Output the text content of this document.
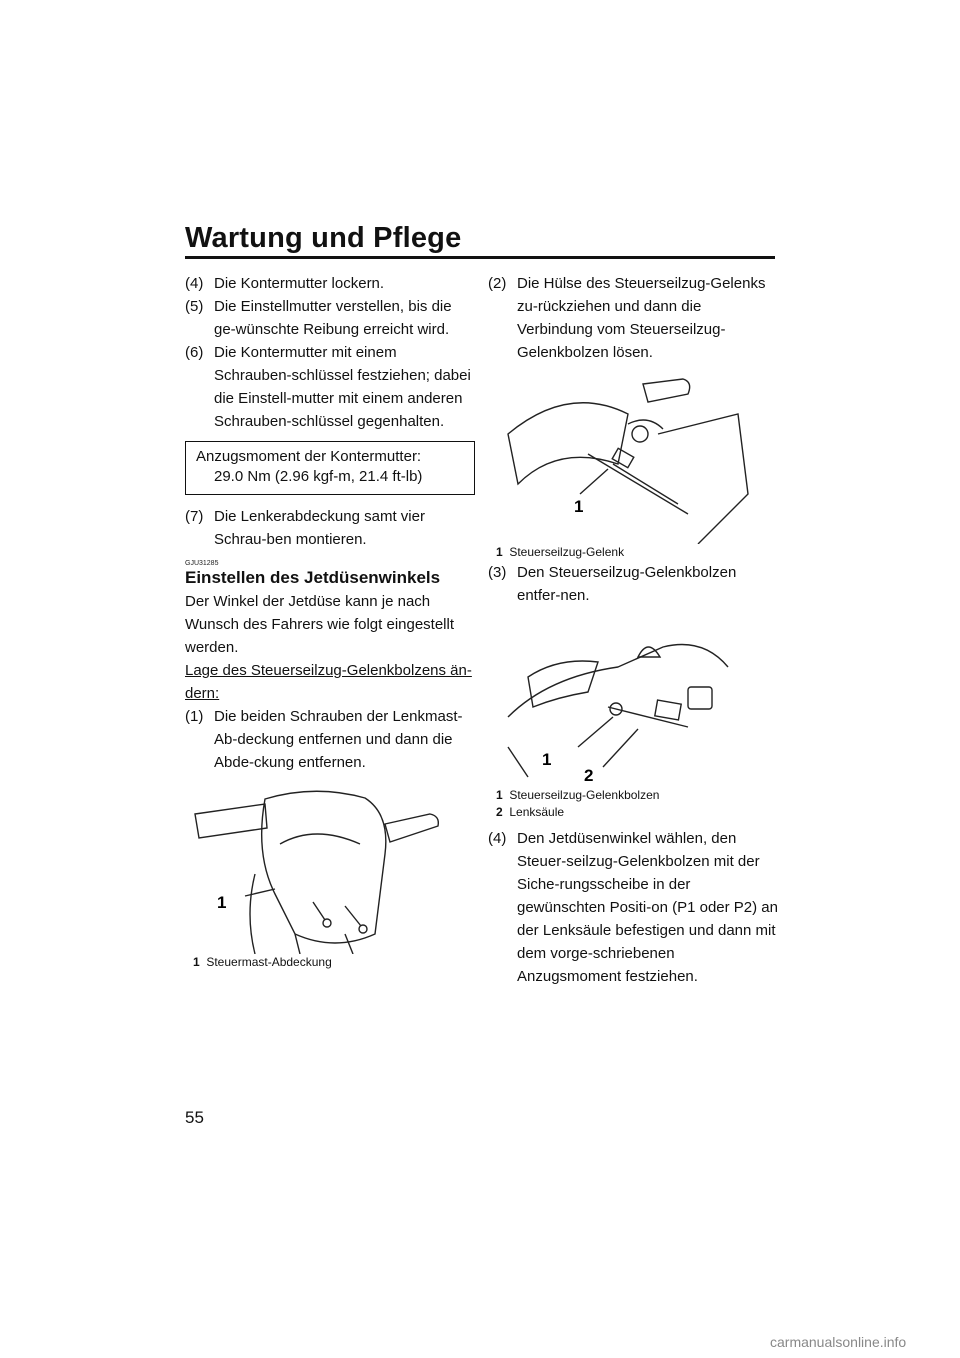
Wartung und Pflege
(4) Die Kontermutter lockern.
(5) Die Einstellmutter verstellen, bis die ge-wünschte Reibung erreicht wird.
(6) Die Kontermutter mit einem Schrauben-schlüssel festziehen; dabei die Einstell-mutter mit einem anderen Schrauben-schlüssel gegenhalten.
Anzugsmoment der Kontermutter:
29.0 Nm (2.96 kgf-m, 21.4 ft-lb)
(7) Die Lenkerabdeckung samt vier Schrau-ben montieren.
GJU31285
Einstellen des Jetdüsenwinkels
Der Winkel der Jetdüse kann je nach Wunsch des Fahrers wie folgt eingestellt werden.
Lage des Steuerseilzug-Gelenkbolzens än-dern:
(1) Die beiden Schrauben der Lenkmast-Ab-deckung entfernen und dann die Abde-ckung entfernen.
1
1 Steuermast-Abdeckung
(2) Die Hülse des Steuerseilzug-Gelenks zu-rückziehen und dann die Verbindung vom Steuerseilzug-Gelenkbolzen lösen.
1
1 Steuerseilzug-Gelenk
(3) Den Steuerseilzug-Gelenkbolzen entfer-nen.
1
2
1 Steuerseilzug-Gelenkbolzen
2 Lenksäule
(4) Den Jetdüsenwinkel wählen, den Steuer-seilzug-Gelenkbolzen mit der Siche-rungsscheibe in der gewünschten Positi-on (P1 oder P2) an der Lenksäule befestigen und dann mit dem vorge-schriebenen Anzugsmoment festziehen.
55
carmanualsonline.info
